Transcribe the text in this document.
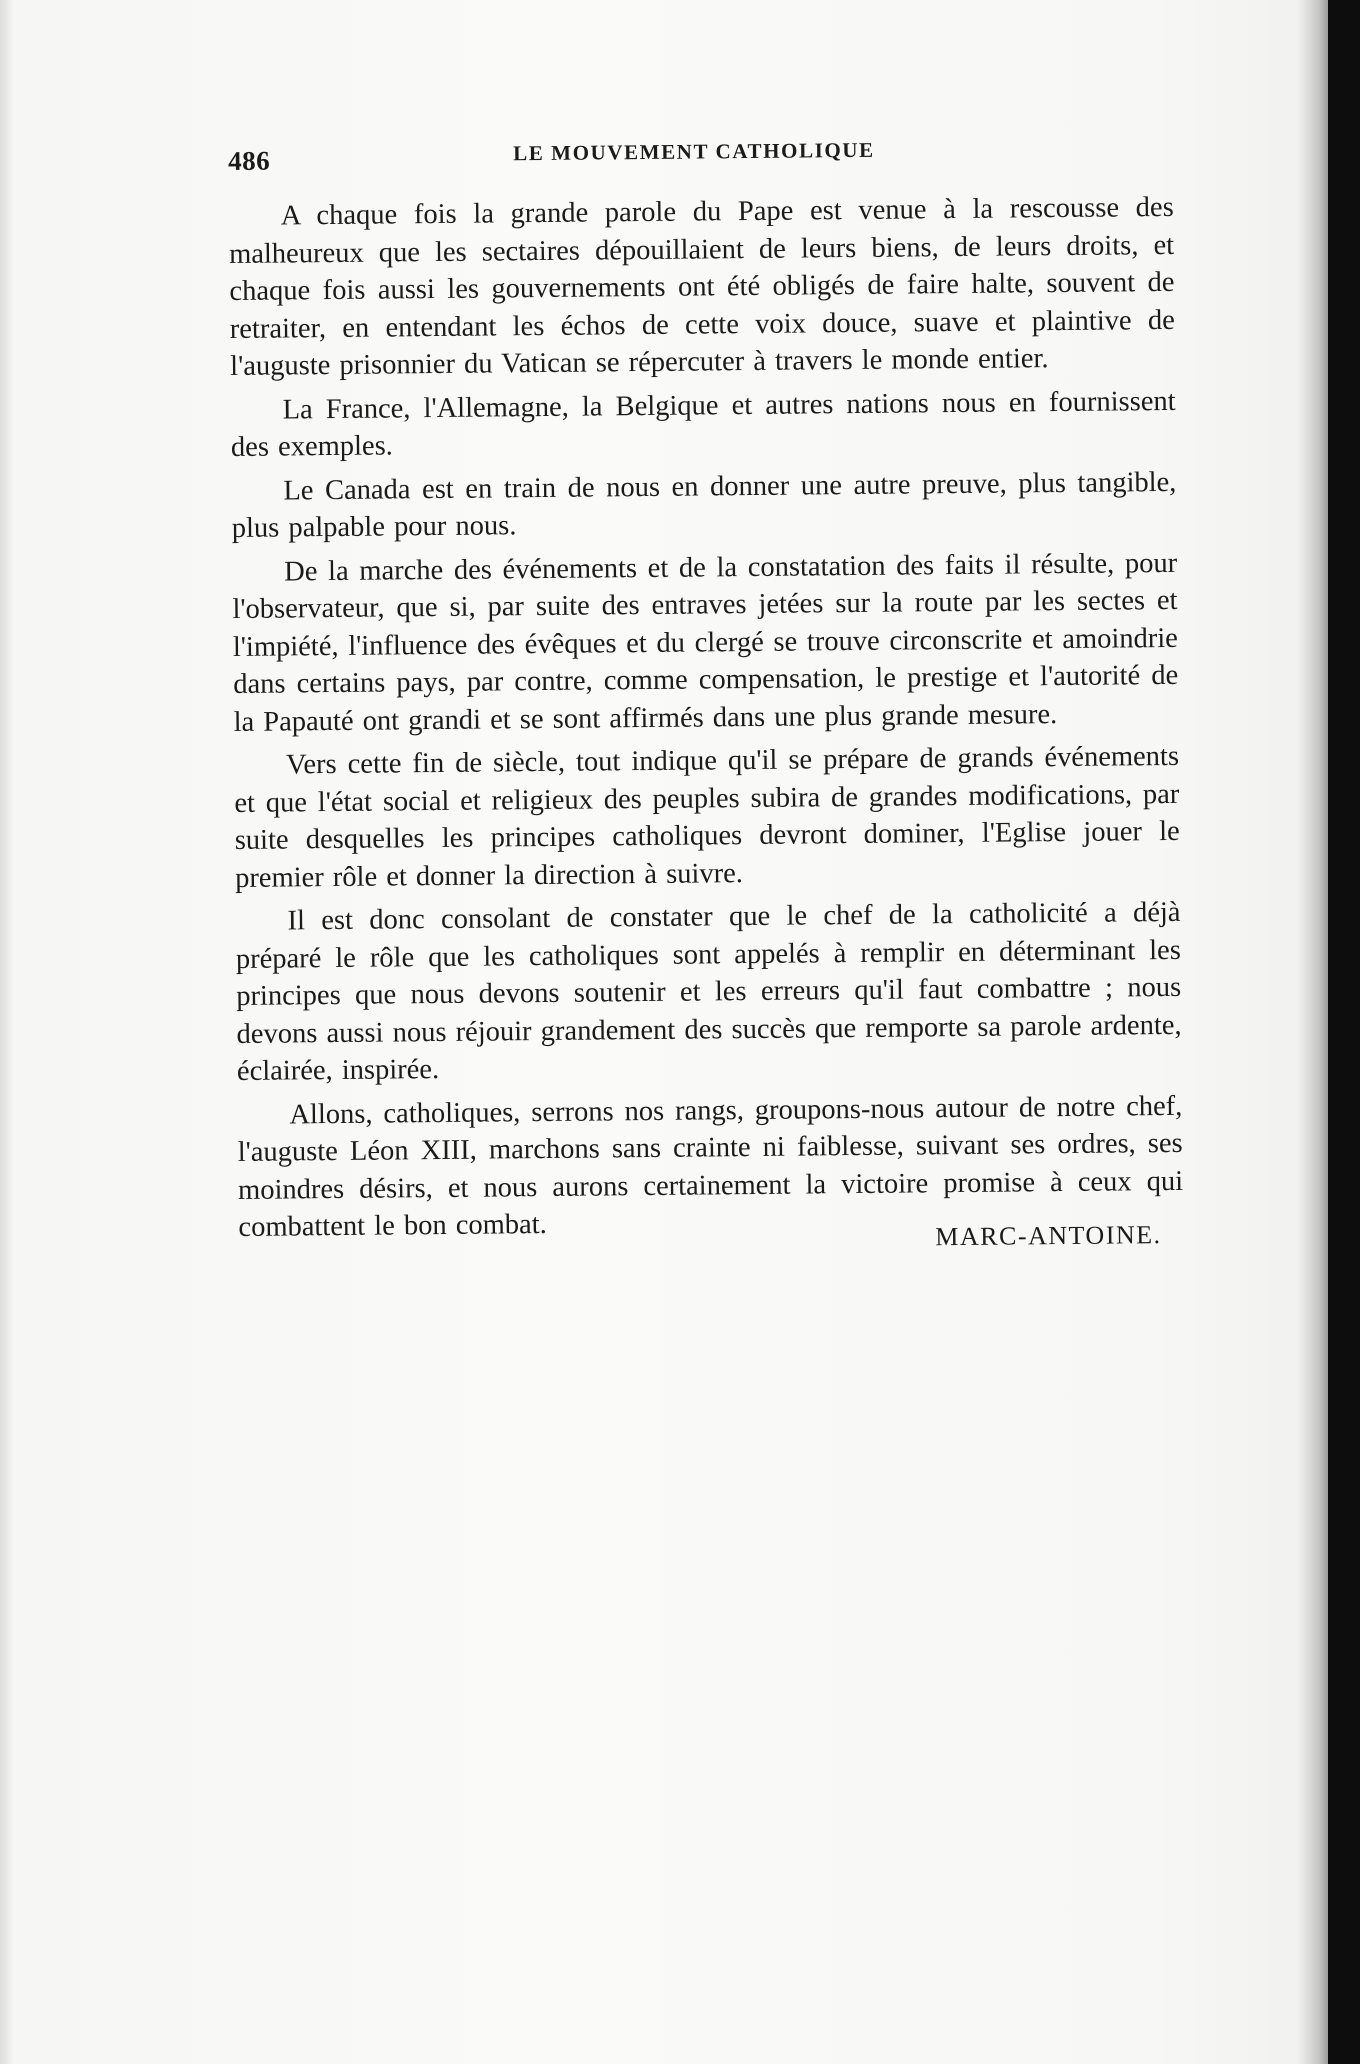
486	LE MOUVEMENT CATHOLIQUE

A chaque fois la grande parole du Pape est venue à la rescousse des malheureux que les sectaires dépouillaient de leurs biens, de leurs droits, et chaque fois aussi les gouvernements ont été obligés de faire halte, souvent de retraiter, en entendant les échos de cette voix douce, suave et plaintive de l'auguste prisonnier du Vatican se répercuter à travers le monde entier.

La France, l'Allemagne, la Belgique et autres nations nous en fournissent des exemples.

Le Canada est en train de nous en donner une autre preuve, plus tangible, plus palpable pour nous.

De la marche des événements et de la constatation des faits il résulte, pour l'observateur, que si, par suite des entraves jetées sur la route par les sectes et l'impiété, l'influence des évêques et du clergé se trouve circonscrite et amoindrie dans certains pays, par contre, comme compensation, le prestige et l'autorité de la Papauté ont grandi et se sont affirmés dans une plus grande mesure.

Vers cette fin de siècle, tout indique qu'il se prépare de grands événements et que l'état social et religieux des peuples subira de grandes modifications, par suite desquelles les principes catholiques devront dominer, l'Eglise jouer le premier rôle et donner la direction à suivre.

Il est donc consolant de constater que le chef de la catholicité a déjà préparé le rôle que les catholiques sont appelés à remplir en déterminant les principes que nous devons soutenir et les erreurs qu'il faut combattre ; nous devons aussi nous réjouir grandement des succès que remporte sa parole ardente, éclairée, inspirée.

Allons, catholiques, serrons nos rangs, groupons-nous autour de notre chef, l'auguste Léon XIII, marchons sans crainte ni faiblesse, suivant ses ordres, ses moindres désirs, et nous aurons certainement la victoire promise à ceux qui combattent le bon combat.	MARC-ANTOINE.
